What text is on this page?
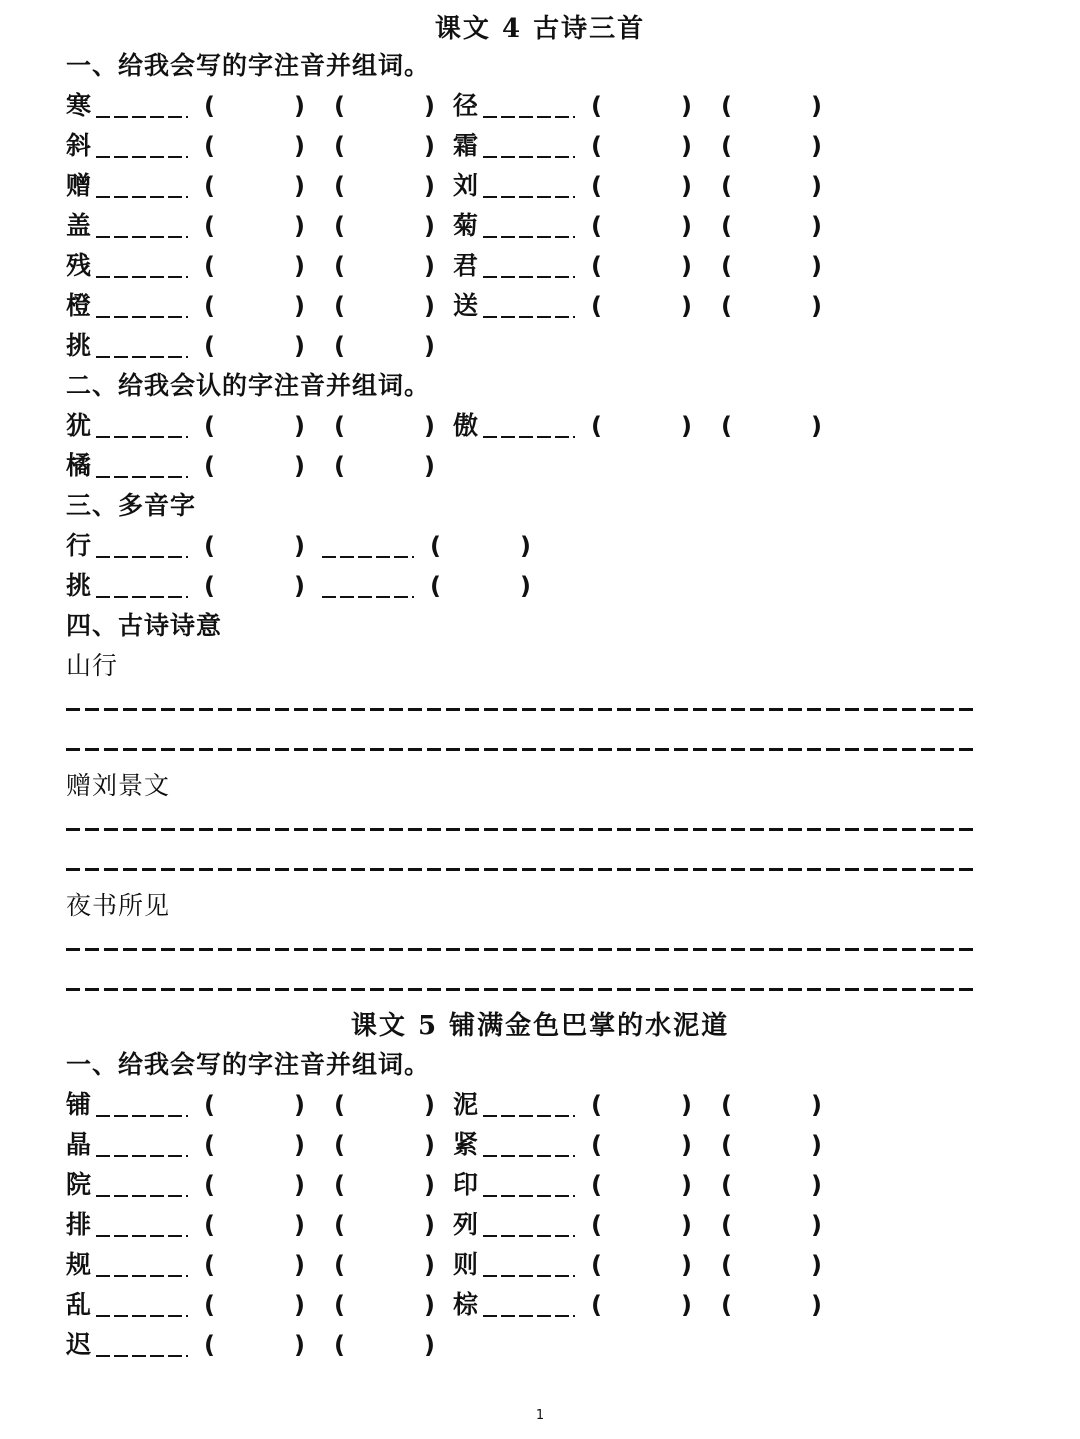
课文 4 古诗三首
一、给我会写的字注音并组词。
寒	(	) (	) 径	(	) (	)
斜	(	) (	) 霜	(	) (	)
赠	(	) (	) 刘	(	) (	)
盖	(	) (	) 菊	(	) (	)
残	(	) (	) 君	(	) (	)
橙	(	) (	) 送	(	) (	)
挑	(	) (	)
二、给我会认的字注音并组词。
犹	(	) (	) 傲	(	) (	)
橘	(	) (	)
三、多音字
行	(	)	(	)
挑	(	)	(	)
四、古诗诗意
山行
赠刘景文
夜书所见
课文 5 铺满金色巴掌的水泥道
一、给我会写的字注音并组词。
铺	(	) (	) 泥	(	) (	)
晶	(	) (	) 紧	(	) (	)
院	(	) (	) 印	(	) (	)
排	(	) (	) 列	(	) (	)
规	(	) (	) 则	(	) (	)
乱	(	) (	) 棕	(	) (	)
迟	(	) (	)
1
